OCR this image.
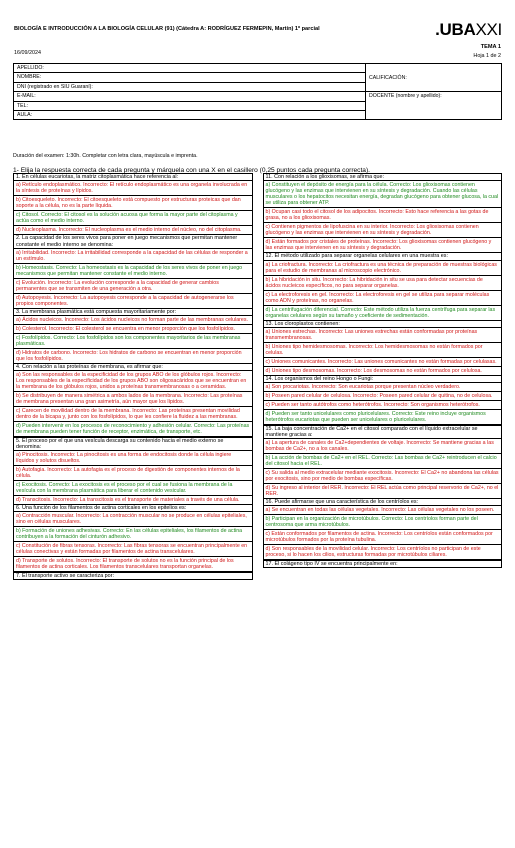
BIOLOGÍA E INTRODUCCIÓN A LA BIOLOGÍA CELULAR (91) (Cátedra A: RODRÍGUEZ FERMEPIN, Martín) 1º parcial
16/09/2024
.UBAXXI
TEMA 1
Hoja 1 de 2
APELLIDO:	CALIFICACIÓN:
NOMBRE:	
DNI (registrado en SIU Guaraní):	
E-MAIL:	DOCENTE (nombre y apellido):
TEL:	
AULA:	
Duración del examen: 1:30h. Completar con letra clara, mayúscula e imprenta.
1- Elija la respuesta correcta de cada pregunta y márquela con una X en el casillero (0,25 puntos cada pregunta correcta).
1. En células eucariotas, la matriz citoplasmática hace referencia al:
a) Retículo endoplasmático. Incorrecto: El retículo endoplasmático es una organela involucrada en la síntesis de proteínas y lípidos.
b) Citoesqueleto. Incorrecto: El citoesqueleto está compuesto por estructuras proteicas que dan soporte a la célula, no es la parte líquida.
c) Citosol. Correcto: El citosol es la solución acuosa que forma la mayor parte del citoplasma y actúa como el medio interno.
d) Nucleoplasma. Incorrecto: El nucleoplasma es el medio interno del núcleo, no del citoplasma.
2. La capacidad de los seres vivos para poner en juego mecanismos que permitan mantener constante el medio interno se denomina:
a) Irritabilidad. Incorrecto: La irritabilidad corresponde a la capacidad de las células de responder a un estímulo.
b) Homeostasis. Correcto: La homeostasis es la capacidad de los seres vivos de poner en juego mecanismos que permitan mantener constante el medio interno.
c) Evolución. Incorrecto: La evolución corresponde a la capacidad de generar cambios permanentes que se transmiten de una generación a otra.
d) Autopoyesis. Incorrecto: La autopoyesis corresponde a la capacidad de autogenerarse los propios componentes.
3. La membrana plasmática está compuesta mayoritariamente por:
a) Ácidos nucleicos. Incorrecto: Los ácidos nucleicos no forman parte de las membranas celulares.
b) Colesterol. Incorrecto: El colesterol se encuentra en menor proporción que los fosfolípidos.
c) Fosfolípidos. Correcto: Los fosfolípidos son los componentes mayoritarios de las membranas plasmáticas.
d) Hidratos de carbono. Incorrecto: Los hidratos de carbono se encuentran en menor proporción que los fosfolípidos.
4. Con relación a las proteínas de membrana, es afirmar que:
a) Son las responsables de la especificidad de los grupos ABO de los glóbulos rojos. Incorrecto: Los responsables de la especificidad de los grupos ABO son oligosacáridos que se encuentran en la membrana de los glóbulos rojos, unidos a proteínas transmembranosas o a ceramidas.
b) Se distribuyen de manera simétrica a ambos lados de la membrana. Incorrecto: Las proteínas de membrana presentan una gran asimetría, aún mayor que los lípidos.
c) Carecen de movilidad dentro de la membrana. Incorrecto: Las proteínas presentan movilidad dentro de la bicapa y, junto con los fosfolípidos, lo que les confiere la fluidez a las membranas.
d) Pueden intervenir en los procesos de reconocimiento y adhesión celular. Correcto: Las proteínas de membrana pueden tener función de receptor, enzimática, de transporte, etc.
5. El proceso por el que una vesícula descarga su contenido hacia el medio externo se denomina:
a) Pinocitosis. Incorrecto: La pinocitosis es una forma de endocitosis donde la célula ingiere líquidos y solutos disueltos.
b) Autofagia. Incorrecto: La autofagia es el proceso de digestión de componentes internos de la célula.
c) Exocitosis. Correcto: La exocitosis es el proceso por el cual se fusiona la membrana de la vesícula con la membrana plasmática para liberar el contenido vesicular.
d) Transcitosis. Incorrecto: La transcitosis es el transporte de materiales a través de una célula.
6. Una función de los filamentos de actina corticales en los epitelios es:
a) Contracción muscular. Incorrecto: La contracción muscular no se produce en células epiteliales, sino en células musculares.
b) Formación de uniones adhesivas. Correcto: En las células epiteliales, los filamentos de actina contribuyen a la formación del cinturón adhesivo.
c) Constitución de fibras tensoras. Incorrecto: Las fibras tensoras se encuentran principalmente en células conectivas y están formadas por filamentos de actina transcelulares.
d) Transporte de solutos. Incorrecto: El transporte de solutos no es la función principal de los filamentos de actina corticales. Los filamentos transcelulares transportan organelas.
7. El transporte activo se caracteriza por:
11. Con relación a los glioxisomas, se afirma que:
a) Constituyen el depósito de energía para la célula. Correcto: Los glioxisomas contienen glucógeno y las enzimas que intervienen en su síntesis y degradación. Cuando las células musculares o los hepatocitos necesitan energía, degradan glucógeno para obtener glucosa, la cual se utiliza para obtener ATP.
b) Ocupan casi todo el citosol de los adipocitos. Incorrecto: Esto hace referencia a las gotas de grasa, no a los glioxisomas.
c) Contienen pigmentos de lipofuscina en su interior. Incorrecto: Los glioxisomas contienen glucógeno y las enzimas que intervienen en su síntesis y degradación.
d) Están formados por cristales de proteínas. Incorrecto: Los glioxisomas contienen glucógeno y las enzimas que intervienen en su síntesis y degradación.
12. El método utilizado para separar organelas celulares en una muestra es:
a) La criofractura. Incorrecto: La criofractura es una técnica de preparación de muestras biológicas para el estudio de membranas al microscopio electrónico.
b) La hibridación in situ. Incorrecto: La hibridación in situ se usa para detectar secuencias de ácidos nucleicos específicos, no para separar organelas.
c) La electroforesis en gel. Incorrecto: La electroforesis en gel se utiliza para separar moléculas como ADN y proteínas, no organelas.
d) La centrifugación diferencial. Correcto: Este método utiliza la fuerza centrífuga para separar las organelas celulares según su tamaño y coeficiente de sedimentación.
13. Los cloroplastos contienen:
a) Uniones estrechas. Incorrecto: Las uniones estrechas están conformadas por proteínas transmembranosas.
b) Uniones tipo hemidesmosomas. Incorrecto: Los hemidesmosomas no están formados por celulas.
c) Uniones comunicantes. Incorrecto: Las uniones comunicantes no están formadas por celulasas.
d) Uniones tipo desmosomas. Incorrecto: Los desmosomas no están formados por celulosa.
14. Los organismos del reino Hongo o Fungi:
a) Son procariotas. Incorrecto: Son eucariotas porque presentan núcleo verdadero.
b) Poseen pared celular de celulosa. Incorrecto: Poseen pared celular de quitina, no de celulosa.
c) Pueden ser tanto autótrofos como heterótrofos. Incorrecto: Son organismos heterótrofos.
d) Pueden ser tanto unicelulares como pluricelulares. Correcto: Este reino incluye organismos heterótrofos eucariotas que pueden ser unicelulares o pluricelulares.
15. La baja concentración de Ca2+ en el citosol comparado con el líquido extracelular se mantiene gracias a:
a) La apertura de canales de Ca2+dependientes de voltaje. Incorrecto: Se mantiene gracias a las bombas de Ca2+, no a los canales.
b) La acción de bombas de Ca2+ en el REL. Correcto: Las bombas de Ca2+ reintroducen el calcio del citosol hacia el REL.
c) Su salida al medio extracelular mediante exocitosis. Incorrecto: El Ca2+ no abandona las células por exocitosis, sino por medio de bombas específicas.
d) Su ingreso al interior del RER. Incorrecto: El REL actúa como principal reservorio de Ca2+, no el RER.
16. Puede afirmarse que una característica de los centríolos es:
a) Se encuentran en todas las células vegetales. Incorrecto: Las células vegetales no los poseen.
b) Participan en la organización de microtúbulos. Correcto: Los centríolos forman parte del centrosoma que arma microtúbulos.
c) Están conformados por filamentos de actina. Incorrecto: Los centríolos están conformados por microtúbulos formados por la proteína tubulina.
d) Son responsables de la movilidad celular. Incorrecto: Los centríolos no participan de este proceso, si lo hacen los cilios, estructuras formadas por microtúbulos ciliares.
17. El colágeno tipo IV se encuentra principalmente en:
